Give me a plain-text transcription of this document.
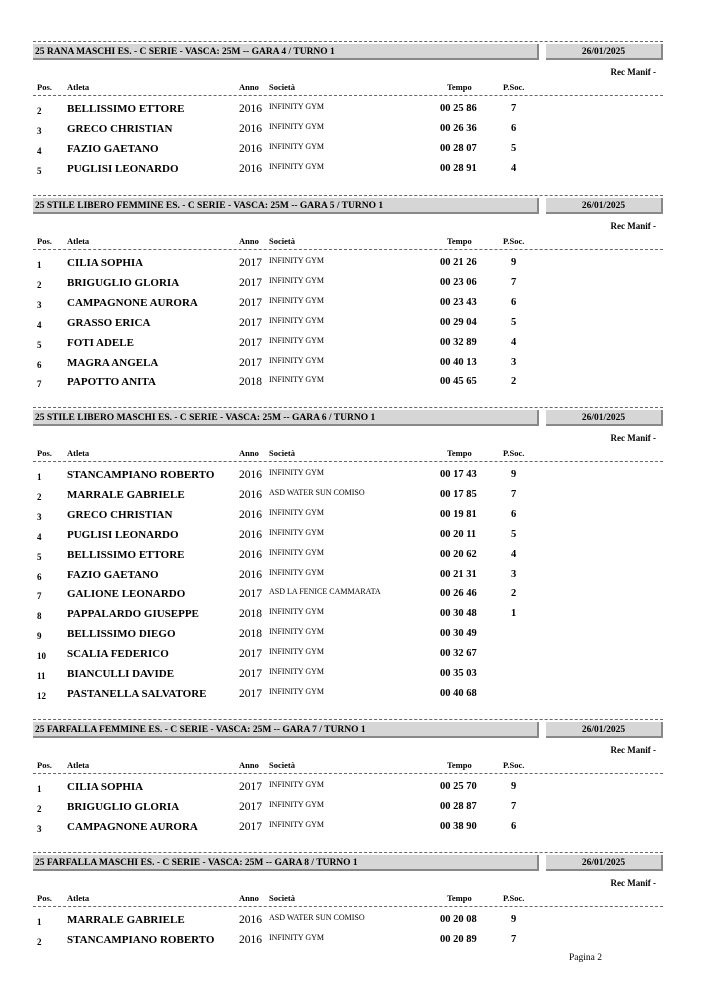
25 RANA MASCHI ES. - C SERIE - VASCA: 25M -- GARA 4 / TURNO 1	26/01/2025
Rec Manif -
Pos. Atleta	Anno Società	Tempo	P.Soc.
2 BELLISSIMO ETTORE	2016 INFINITY GYM	00 25 86	7
3 GRECO CHRISTIAN	2016 INFINITY GYM	00 26 36	6
4 FAZIO GAETANO	2016 INFINITY GYM	00 28 07	5
5 PUGLISI LEONARDO	2016 INFINITY GYM	00 28 91	4
25 STILE LIBERO FEMMINE ES. - C SERIE - VASCA: 25M -- GARA 5 / TURNO 1	26/01/2025
Rec Manif -
Pos. Atleta	Anno Società	Tempo	P.Soc.
1 CILIA SOPHIA	2017 INFINITY GYM	00 21 26	9
2 BRIGUGLIO GLORIA	2017 INFINITY GYM	00 23 06	7
3 CAMPAGNONE AURORA	2017 INFINITY GYM	00 23 43	6
4 GRASSO ERICA	2017 INFINITY GYM	00 29 04	5
5 FOTI ADELE	2017 INFINITY GYM	00 32 89	4
6 MAGRA ANGELA	2017 INFINITY GYM	00 40 13	3
7 PAPOTTO ANITA	2018 INFINITY GYM	00 45 65	2
25 STILE LIBERO MASCHI ES. - C SERIE - VASCA: 25M -- GARA 6 / TURNO 1	26/01/2025
Rec Manif -
Pos. Atleta	Anno Società	Tempo	P.Soc.
1 STANCAMPIANO ROBERTO 2016 INFINITY GYM	00 17 43	9
2 MARRALE GABRIELE	2016 ASD WATER SUN COMISO	00 17 85	7
3 GRECO CHRISTIAN	2016 INFINITY GYM	00 19 81	6
4 PUGLISI LEONARDO	2016 INFINITY GYM	00 20 11	5
5 BELLISSIMO ETTORE	2016 INFINITY GYM	00 20 62	4
6 FAZIO GAETANO	2016 INFINITY GYM	00 21 31	3
7 GALIONE LEONARDO	2017 ASD LA FENICE CAMMARATA	00 26 46	2
8 PAPPALARDO GIUSEPPE	2018 INFINITY GYM	00 30 48	1
9 BELLISSIMO DIEGO	2018 INFINITY GYM	00 30 49
10 SCALIA FEDERICO	2017 INFINITY GYM	00 32 67
11 BIANCULLI DAVIDE	2017 INFINITY GYM	00 35 03
12 PASTANELLA SALVATORE	2017 INFINITY GYM	00 40 68
25 FARFALLA FEMMINE ES. - C SERIE - VASCA: 25M -- GARA 7 / TURNO 1	26/01/2025
Rec Manif -
Pos. Atleta	Anno Società	Tempo	P.Soc.
1 CILIA SOPHIA	2017 INFINITY GYM	00 25 70	9
2 BRIGUGLIO GLORIA	2017 INFINITY GYM	00 28 87	7
3 CAMPAGNONE AURORA	2017 INFINITY GYM	00 38 90	6
25 FARFALLA MASCHI ES. - C SERIE - VASCA: 25M -- GARA 8 / TURNO 1	26/01/2025
Rec Manif -
Pos. Atleta	Anno Società	Tempo	P.Soc.
1 MARRALE GABRIELE	2016 ASD WATER SUN COMISO	00 20 08	9
2 STANCAMPIANO ROBERTO 2016 INFINITY GYM	00 20 89	7
Pagina 2
